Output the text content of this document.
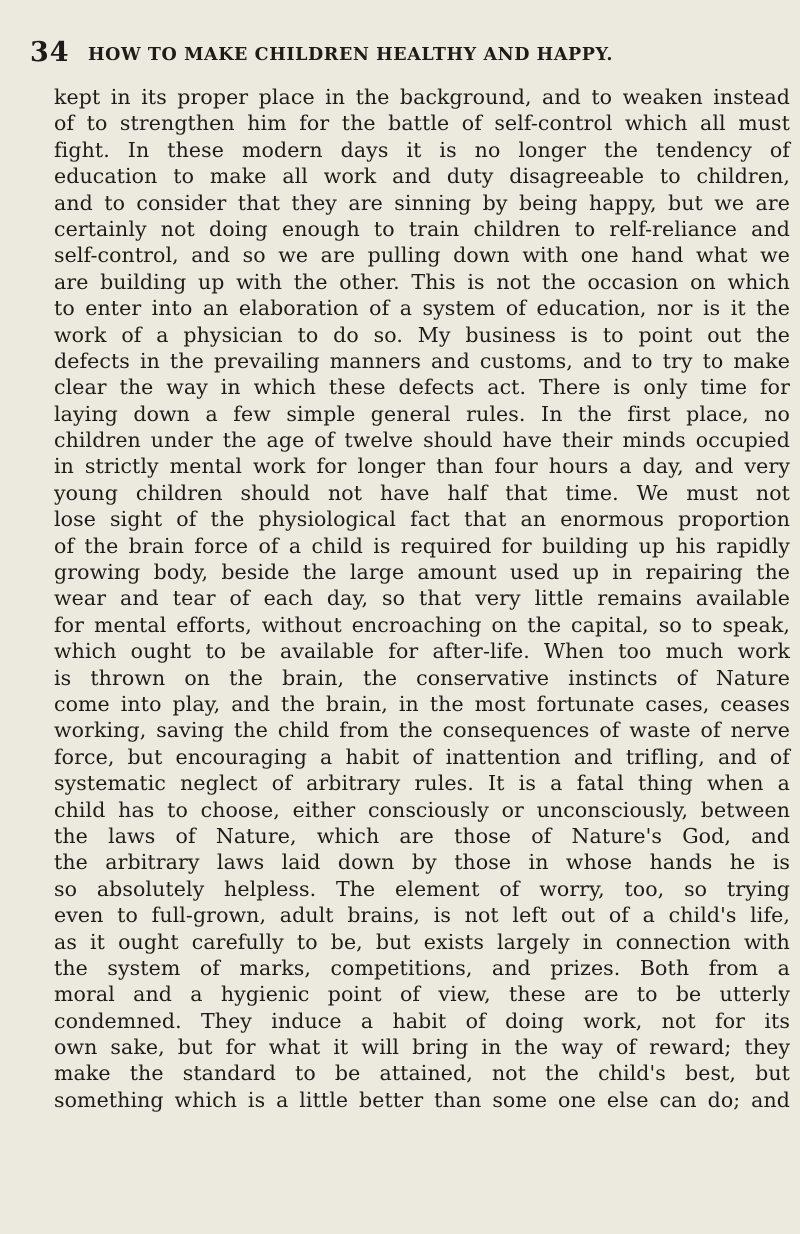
34 HOW TO MAKE CHILDREN HEALTHY AND HAPPY.
kept in its proper place in the background, and to weaken instead
of to strengthen him for the battle of self-control which all must
fight. In these modern days it is no longer the tendency of
education to make all work and duty disagreeable to children,
and to consider that they are sinning by being happy, but we are
certainly not doing enough to train children to relf-reliance and
self-control, and so we are pulling down with one hand what we
are building up with the other. This is not the occasion on which
to enter into an elaboration of a system of education, nor is it the
work of a physician to do so. My business is to point out the
defects in the prevailing manners and customs, and to try to make
clear the way in which these defects act. There is only time for
laying down a few simple general rules. In the first place, no
children under the age of twelve should have their minds occupied
in strictly mental work for longer than four hours a day, and very
young children should not have half that time. We must not
lose sight of the physiological fact that an enormous proportion
of the brain force of a child is required for building up his rapidly
growing body, beside the large amount used up in repairing the
wear and tear of each day, so that very little remains available
for mental efforts, without encroaching on the capital, so to speak,
which ought to be available for after-life. When too much work
is thrown on the brain, the conservative instincts of Nature
come into play, and the brain, in the most fortunate cases, ceases
working, saving the child from the consequences of waste of nerve
force, but encouraging a habit of inattention and trifling, and of
systematic neglect of arbitrary rules. It is a fatal thing when a
child has to choose, either consciously or unconsciously, between
the laws of Nature, which are those of Nature's God, and
the arbitrary laws laid down by those in whose hands he is
so absolutely helpless. The element of worry, too, so trying
even to full-grown, adult brains, is not left out of a child's life,
as it ought carefully to be, but exists largely in connection with
the system of marks, competitions, and prizes. Both from a
moral and a hygienic point of view, these are to be utterly
condemned. They induce a habit of doing work, not for its
own sake, but for what it will bring in the way of reward; they
make the standard to be attained, not the child's best, but
something which is a little better than some one else can do; and
